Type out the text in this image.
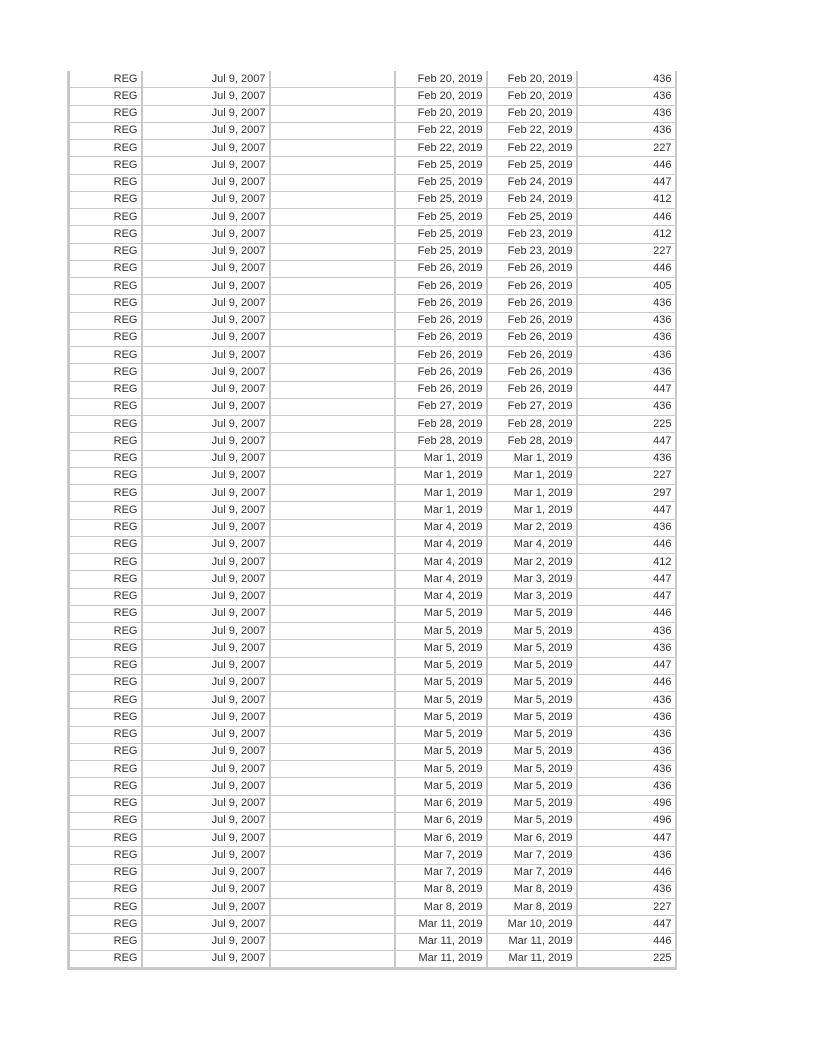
REG	Jul 9, 2007		Feb 20, 2019	Feb 20, 2019	436
REG	Jul 9, 2007		Feb 20, 2019	Feb 20, 2019	436
REG	Jul 9, 2007		Feb 20, 2019	Feb 20, 2019	436
REG	Jul 9, 2007		Feb 22, 2019	Feb 22, 2019	436
REG	Jul 9, 2007		Feb 22, 2019	Feb 22, 2019	227
REG	Jul 9, 2007		Feb 25, 2019	Feb 25, 2019	446
REG	Jul 9, 2007		Feb 25, 2019	Feb 24, 2019	447
REG	Jul 9, 2007		Feb 25, 2019	Feb 24, 2019	412
REG	Jul 9, 2007		Feb 25, 2019	Feb 25, 2019	446
REG	Jul 9, 2007		Feb 25, 2019	Feb 23, 2019	412
REG	Jul 9, 2007		Feb 25, 2019	Feb 23, 2019	227
REG	Jul 9, 2007		Feb 26, 2019	Feb 26, 2019	446
REG	Jul 9, 2007		Feb 26, 2019	Feb 26, 2019	405
REG	Jul 9, 2007		Feb 26, 2019	Feb 26, 2019	436
REG	Jul 9, 2007		Feb 26, 2019	Feb 26, 2019	436
REG	Jul 9, 2007		Feb 26, 2019	Feb 26, 2019	436
REG	Jul 9, 2007		Feb 26, 2019	Feb 26, 2019	436
REG	Jul 9, 2007		Feb 26, 2019	Feb 26, 2019	436
REG	Jul 9, 2007		Feb 26, 2019	Feb 26, 2019	447
REG	Jul 9, 2007		Feb 27, 2019	Feb 27, 2019	436
REG	Jul 9, 2007		Feb 28, 2019	Feb 28, 2019	225
REG	Jul 9, 2007		Feb 28, 2019	Feb 28, 2019	447
REG	Jul 9, 2007		Mar 1, 2019	Mar 1, 2019	436
REG	Jul 9, 2007		Mar 1, 2019	Mar 1, 2019	227
REG	Jul 9, 2007		Mar 1, 2019	Mar 1, 2019	297
REG	Jul 9, 2007		Mar 1, 2019	Mar 1, 2019	447
REG	Jul 9, 2007		Mar 4, 2019	Mar 2, 2019	436
REG	Jul 9, 2007		Mar 4, 2019	Mar 4, 2019	446
REG	Jul 9, 2007		Mar 4, 2019	Mar 2, 2019	412
REG	Jul 9, 2007		Mar 4, 2019	Mar 3, 2019	447
REG	Jul 9, 2007		Mar 4, 2019	Mar 3, 2019	447
REG	Jul 9, 2007		Mar 5, 2019	Mar 5, 2019	446
REG	Jul 9, 2007		Mar 5, 2019	Mar 5, 2019	436
REG	Jul 9, 2007		Mar 5, 2019	Mar 5, 2019	436
REG	Jul 9, 2007		Mar 5, 2019	Mar 5, 2019	447
REG	Jul 9, 2007		Mar 5, 2019	Mar 5, 2019	446
REG	Jul 9, 2007		Mar 5, 2019	Mar 5, 2019	436
REG	Jul 9, 2007		Mar 5, 2019	Mar 5, 2019	436
REG	Jul 9, 2007		Mar 5, 2019	Mar 5, 2019	436
REG	Jul 9, 2007		Mar 5, 2019	Mar 5, 2019	436
REG	Jul 9, 2007		Mar 5, 2019	Mar 5, 2019	436
REG	Jul 9, 2007		Mar 5, 2019	Mar 5, 2019	436
REG	Jul 9, 2007		Mar 6, 2019	Mar 5, 2019	496
REG	Jul 9, 2007		Mar 6, 2019	Mar 5, 2019	496
REG	Jul 9, 2007		Mar 6, 2019	Mar 6, 2019	447
REG	Jul 9, 2007		Mar 7, 2019	Mar 7, 2019	436
REG	Jul 9, 2007		Mar 7, 2019	Mar 7, 2019	446
REG	Jul 9, 2007		Mar 8, 2019	Mar 8, 2019	436
REG	Jul 9, 2007		Mar 8, 2019	Mar 8, 2019	227
REG	Jul 9, 2007		Mar 11, 2019	Mar 10, 2019	447
REG	Jul 9, 2007		Mar 11, 2019	Mar 11, 2019	446
REG	Jul 9, 2007		Mar 11, 2019	Mar 11, 2019	225
